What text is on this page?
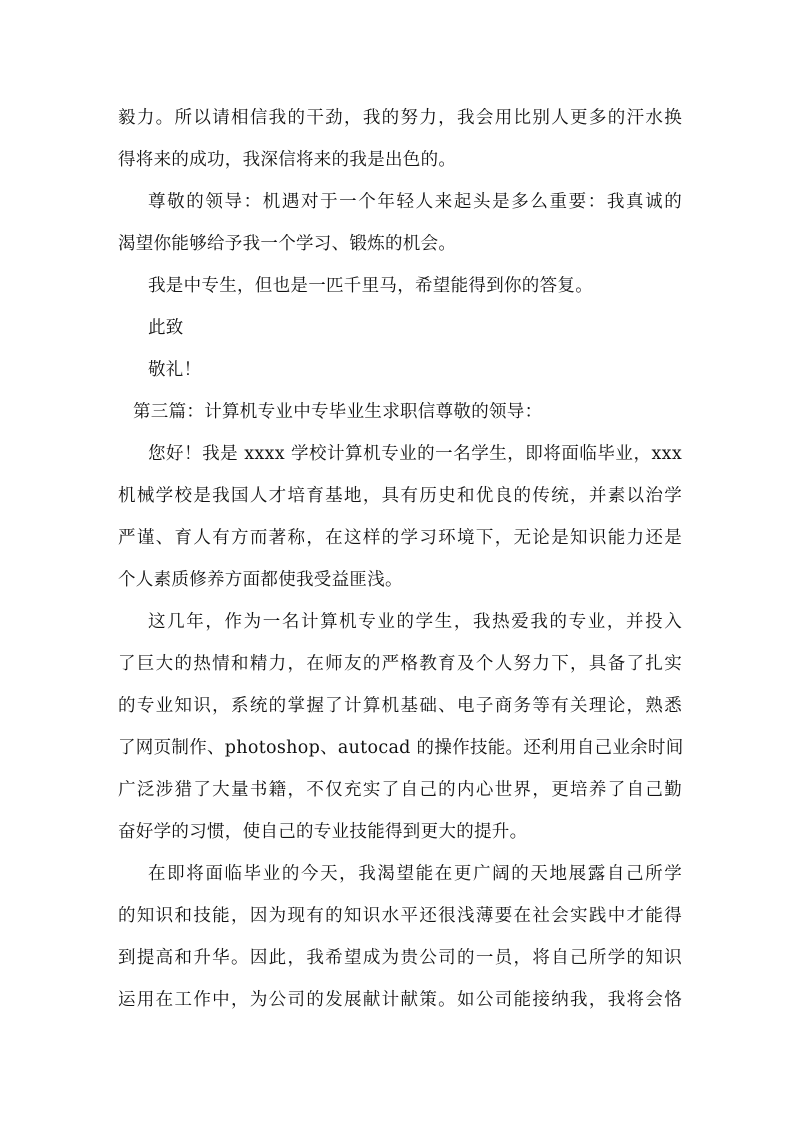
毅力。所以请相信我的干劲，我的努力，我会用比别人更多的汗水换
得将来的成功，我深信将来的我是出色的。
尊敬的领导：机遇对于一个年轻人来起头是多么重要：我真诚的
渴望你能够给予我一个学习、锻炼的机会。
我是中专生，但也是一匹千里马，希望能得到你的答复。
此致
敬礼！
第三篇：计算机专业中专毕业生求职信尊敬的领导：
您好！我是 xxxx 学校计算机专业的一名学生，即将面临毕业，xxx
机械学校是我国人才培育基地，具有历史和优良的传统，并素以治学
严谨、育人有方而著称，在这样的学习环境下，无论是知识能力还是
个人素质修养方面都使我受益匪浅。
这几年，作为一名计算机专业的学生，我热爱我的专业，并投入
了巨大的热情和精力，在师友的严格教育及个人努力下，具备了扎实
的专业知识，系统的掌握了计算机基础、电子商务等有关理论，熟悉
了网页制作、photoshop、autocad 的操作技能。还利用自己业余时间
广泛涉猎了大量书籍，不仅充实了自己的内心世界，更培养了自己勤
奋好学的习惯，使自己的专业技能得到更大的提升。
在即将面临毕业的今天，我渴望能在更广阔的天地展露自己所学
的知识和技能，因为现有的知识水平还很浅薄要在社会实践中才能得
到提高和升华。因此，我希望成为贵公司的一员，将自己所学的知识
运用在工作中，为公司的发展献计献策。如公司能接纳我，我将会恪
